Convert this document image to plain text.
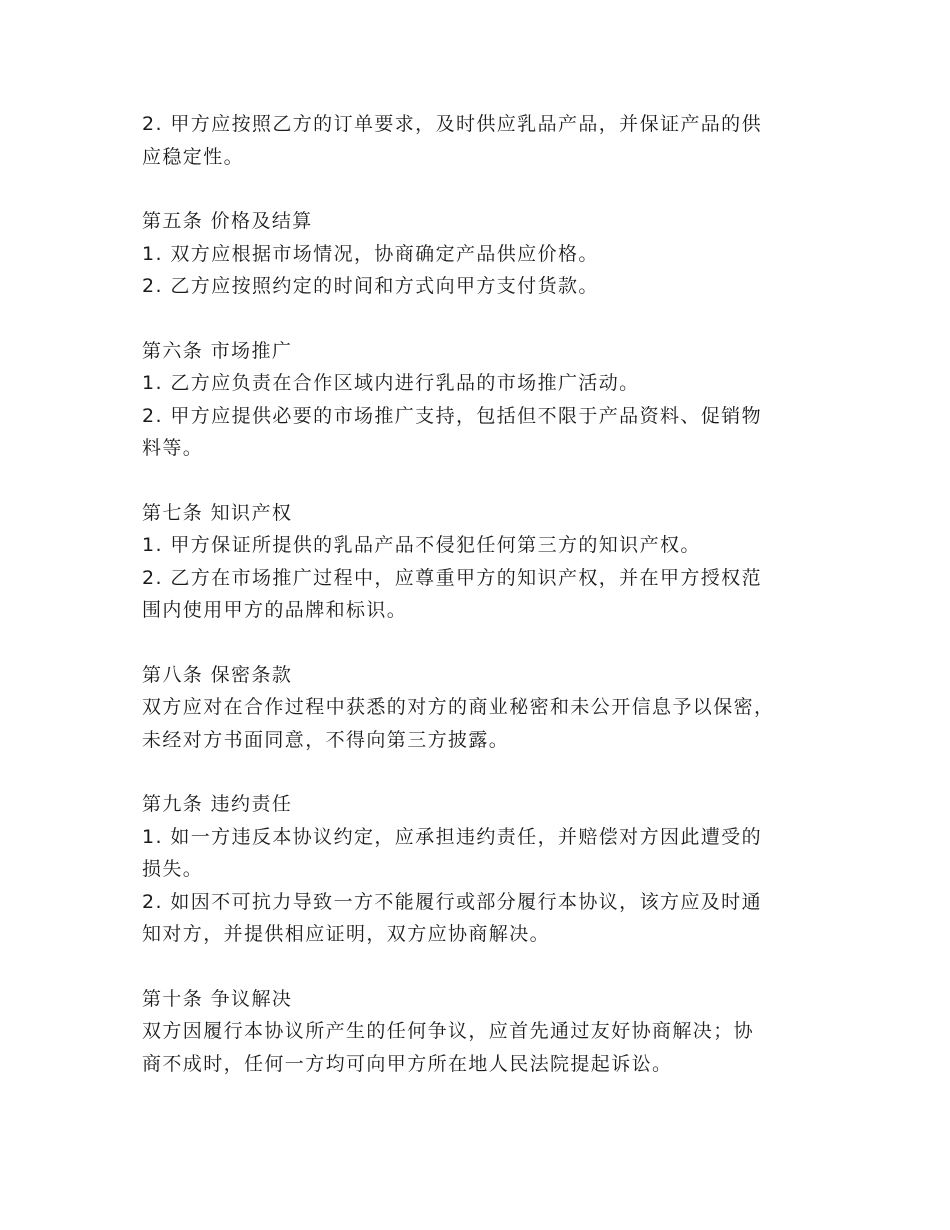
2. 甲方应按照乙方的订单要求，及时供应乳品产品，并保证产品的供
应稳定性。
第五条 价格及结算
1. 双方应根据市场情况，协商确定产品供应价格。
2. 乙方应按照约定的时间和方式向甲方支付货款。
第六条 市场推广
1. 乙方应负责在合作区域内进行乳品的市场推广活动。
2. 甲方应提供必要的市场推广支持，包括但不限于产品资料、促销物
料等。
第七条 知识产权
1. 甲方保证所提供的乳品产品不侵犯任何第三方的知识产权。
2. 乙方在市场推广过程中，应尊重甲方的知识产权，并在甲方授权范
围内使用甲方的品牌和标识。
第八条 保密条款
双方应对在合作过程中获悉的对方的商业秘密和未公开信息予以保密，
未经对方书面同意，不得向第三方披露。
第九条 违约责任
1. 如一方违反本协议约定，应承担违约责任，并赔偿对方因此遭受的
损失。
2. 如因不可抗力导致一方不能履行或部分履行本协议，该方应及时通
知对方，并提供相应证明，双方应协商解决。
第十条 争议解决
双方因履行本协议所产生的任何争议，应首先通过友好协商解决；协
商不成时，任何一方均可向甲方所在地人民法院提起诉讼。
